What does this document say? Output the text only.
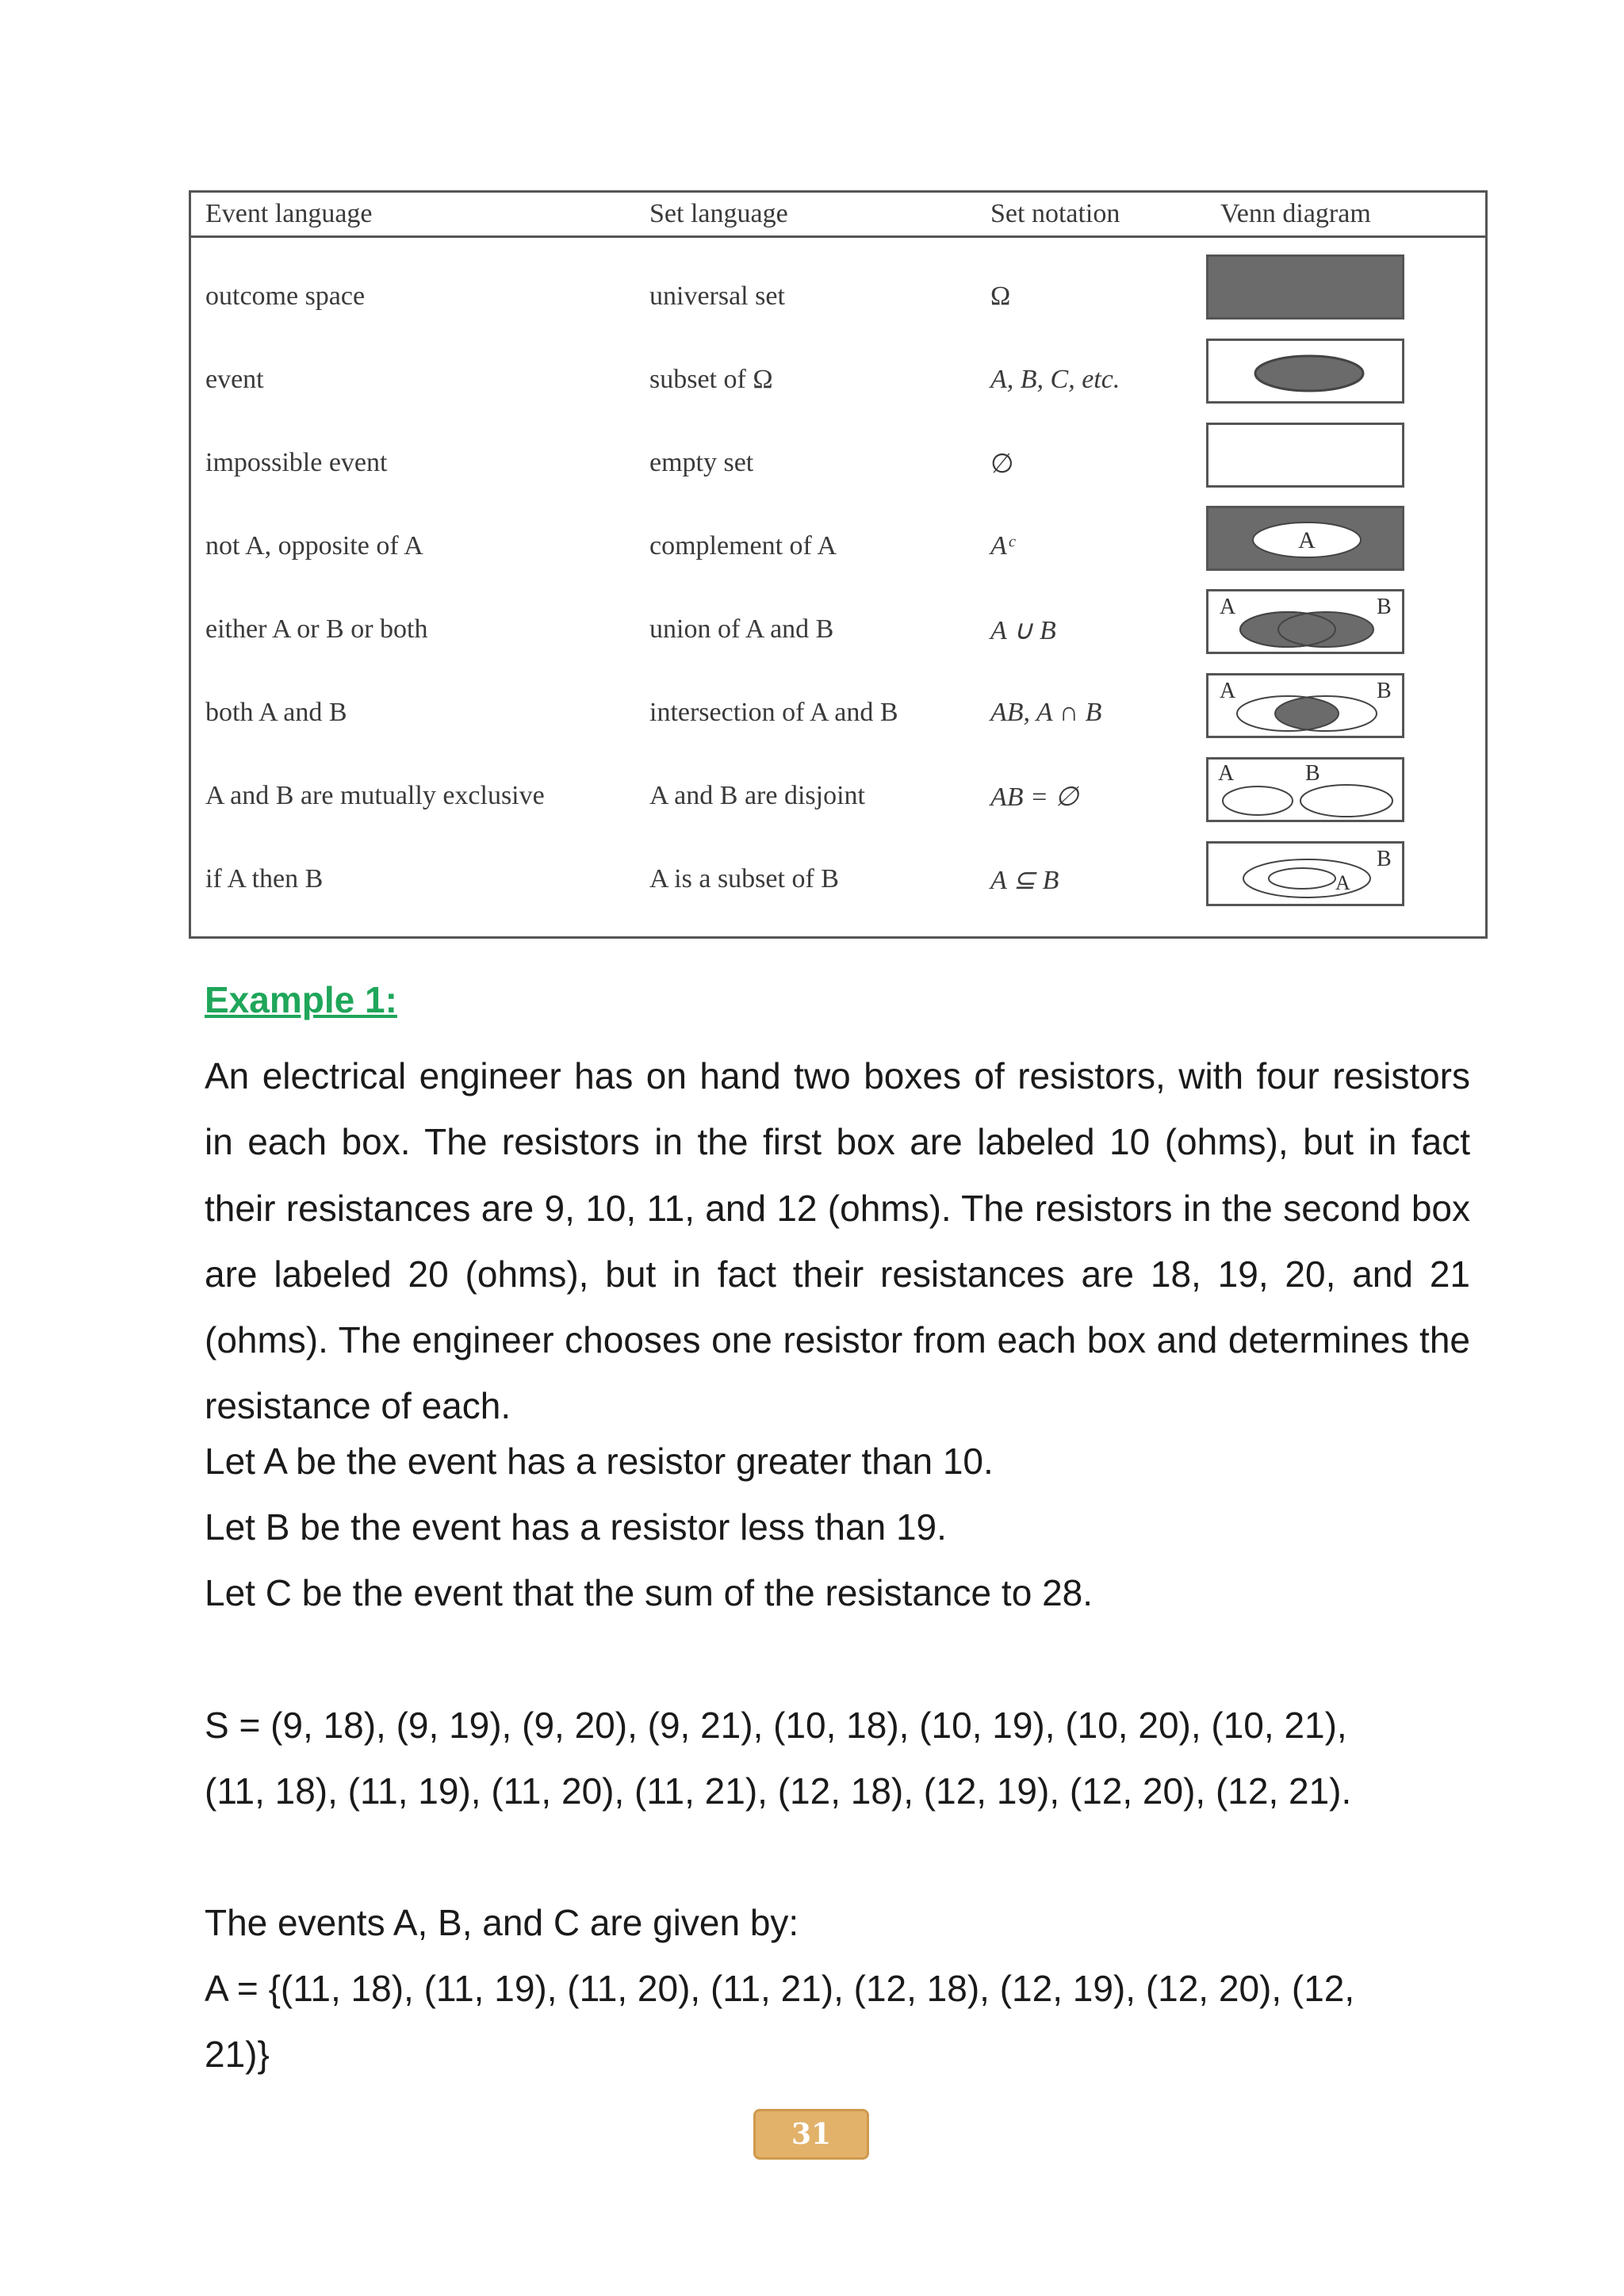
Event language	Set language	Set notation	Venn diagram
outcome space	universal set	Ω
event	subset of Ω	A, B, C, etc.
impossible event	empty set	∅
not A, opposite of A	complement of A	Aᶜ	A
either A or B or both	union of A and B	A ∪ B
A	B
both A and B	intersection of A and B	AB, A ∩ B
A	B
A and B are mutually exclusive	A and B are disjoint	AB = ∅
A	B
if A then B	A is a subset of B	A ⊆ B	A
B
Example 1:

An electrical engineer has on hand two boxes of resistors, with four resistors in each box. The resistors in the first box are labeled 10 (ohms), but in fact their resistances are 9, 10, 11, and 12 (ohms). The resistors in the second box are labeled 20 (ohms), but in fact their resistances are 18, 19, 20, and 21 (ohms). The engineer chooses one resistor from each box and determines the resistance of each.

Let A be the event has a resistor greater than 10.

Let B be the event has a resistor less than 19.

Let C be the event that the sum of the resistance to 28.

S = (9, 18), (9, 19), (9, 20), (9, 21), (10, 18), (10, 19), (10, 20), (10, 21),

(11, 18), (11, 19), (11, 20), (11, 21), (12, 18), (12, 19), (12, 20), (12, 21).

The events A, B, and C are given by:

A = {(11, 18), (11, 19), (11, 20), (11, 21), (12, 18), (12, 19), (12, 20), (12,

21)}

31
